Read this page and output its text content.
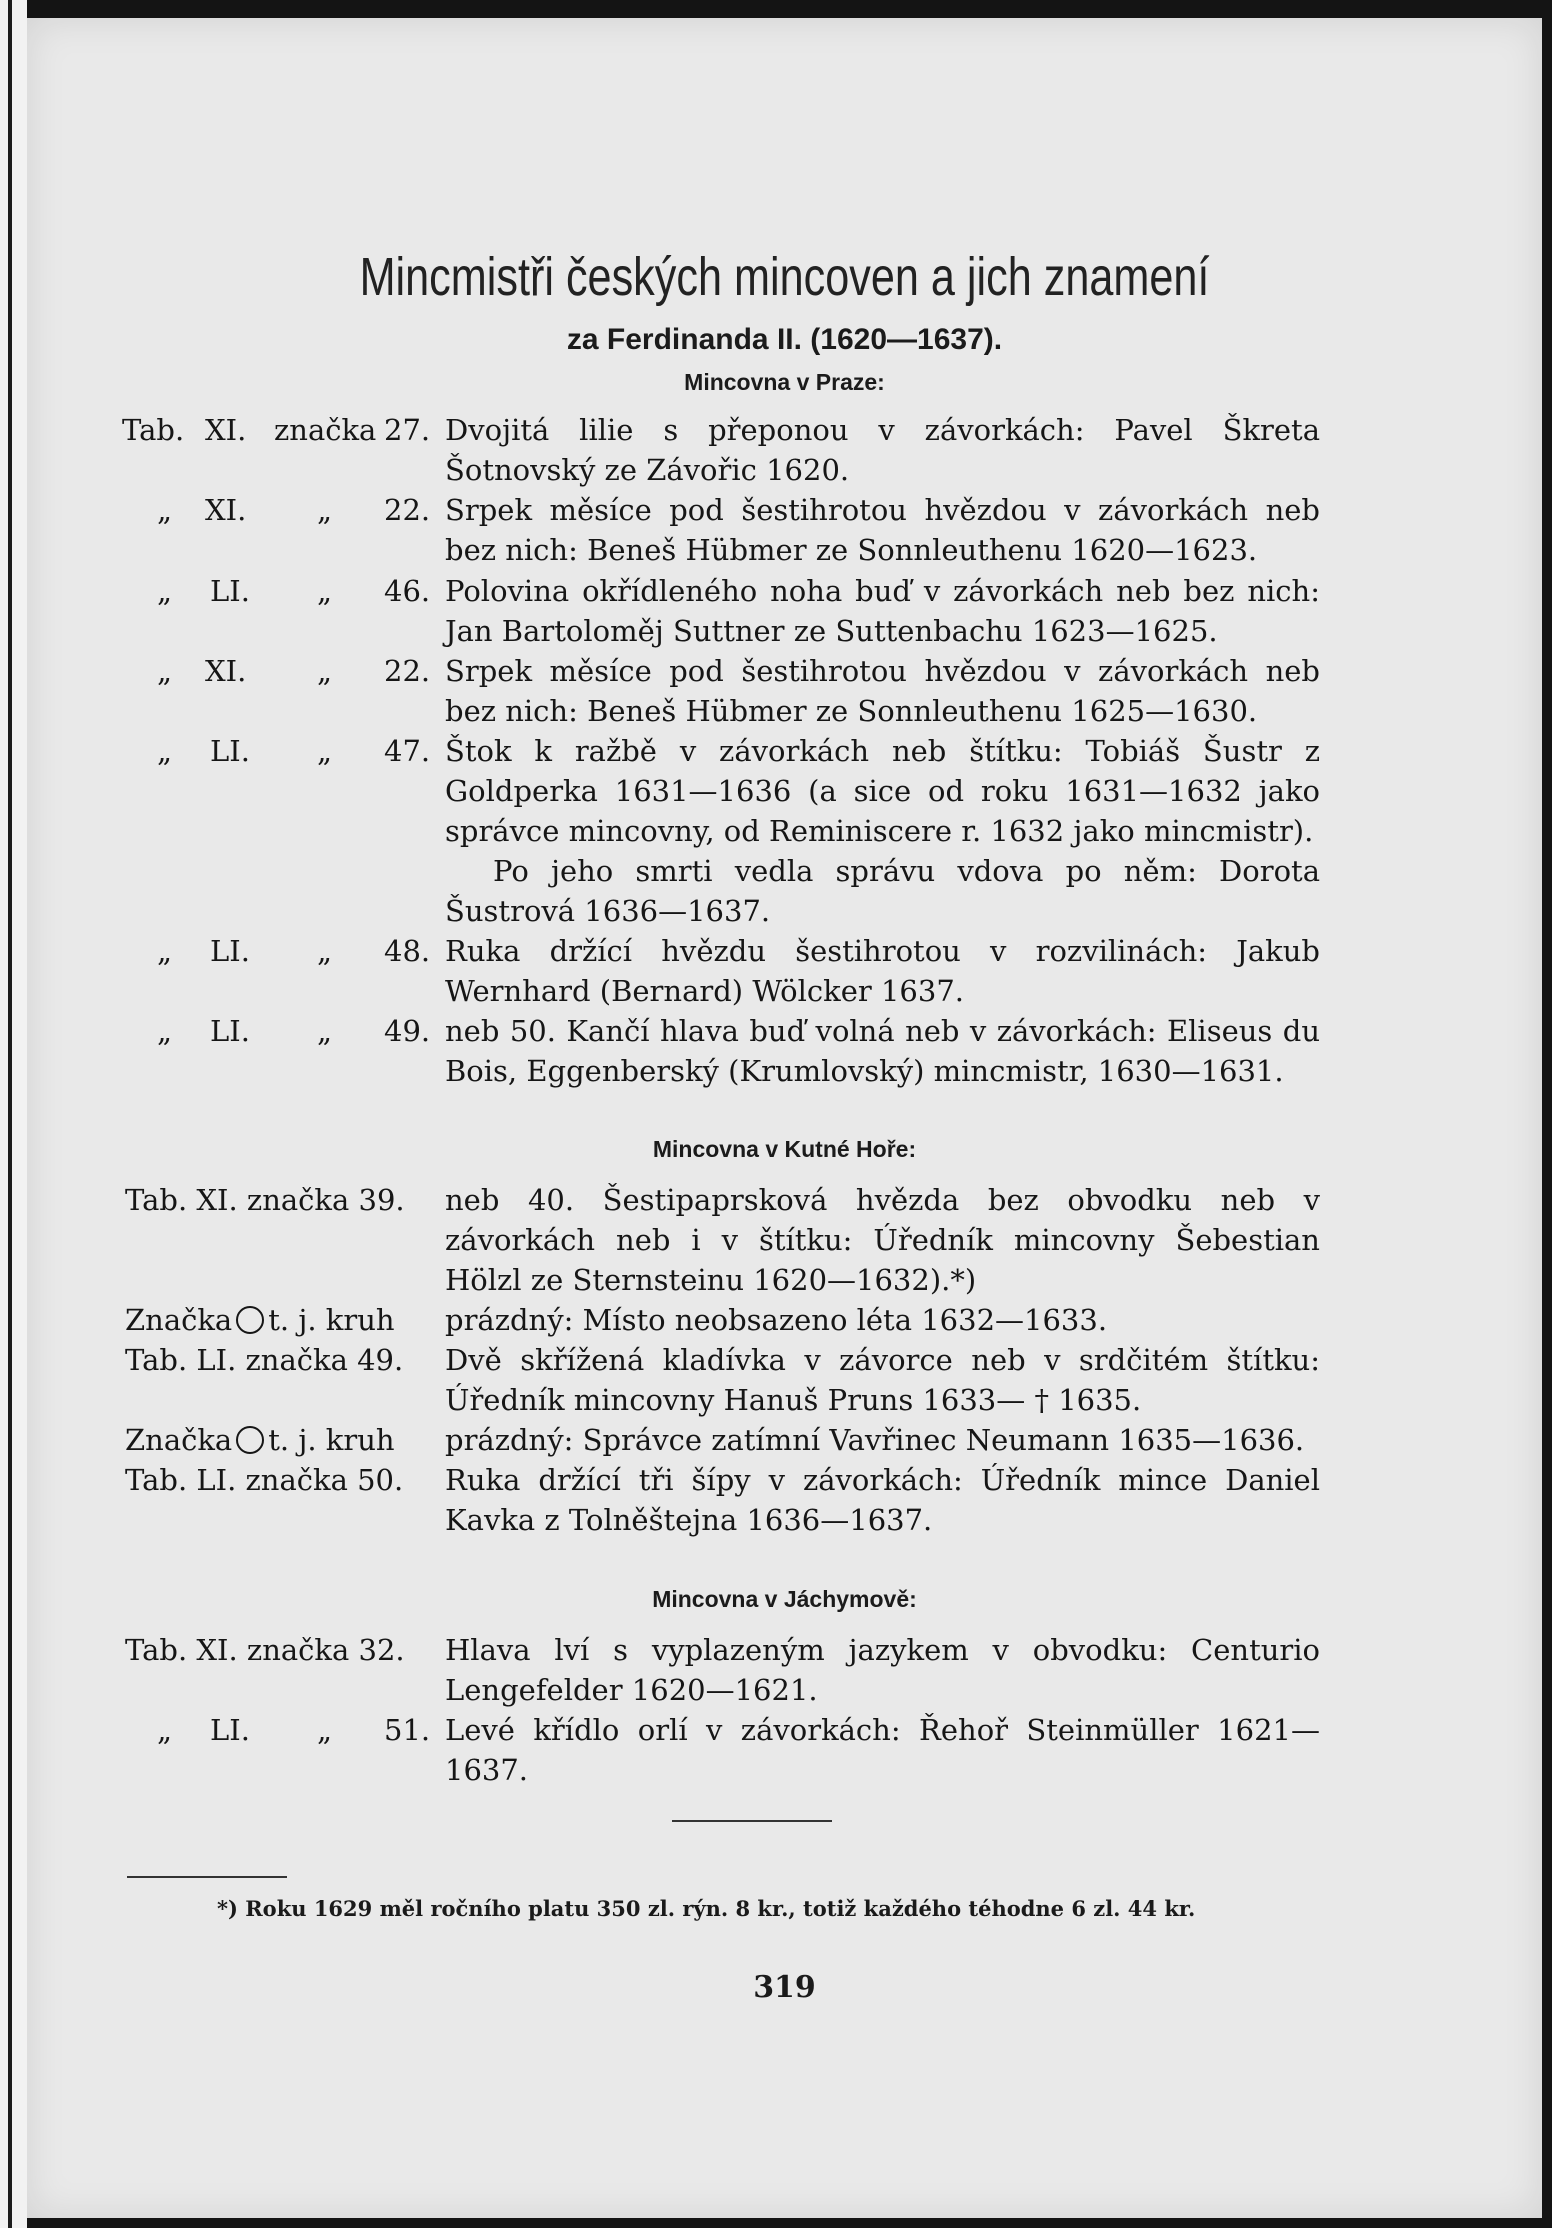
Mincmistři českých mincoven a jich znamení
za Ferdinanda II. (1620—1637).
Mincovna v Praze:
Tab. XI. značka 27. Dvojitá lilie s přeponou v závorkách: Pavel Škreta Šotnovský ze Závořic 1620.
„ XI. „ 22. Srpek měsíce pod šestihrotou hvězdou v závorkách neb bez nich: Beneš Hübmer ze Sonnleuthenu 1620—1623.
„ LI. „ 46. Polovina okřídleného noha buď v závorkách neb bez nich: Jan Bartoloměj Suttner ze Suttenbachu 1623—1625.
„ XI. „ 22. Srpek měsíce pod šestihrotou hvězdou v závorkách neb bez nich: Beneš Hübmer ze Sonnleuthenu 1625—1630.
„ LI. „ 47. Štok k ražbě v závorkách neb štítku: Tobiáš Šustr z Goldperka 1631—1636 (a sice od roku 1631—1632 jako správce mincovny, od Reminiscere r. 1632 jako mincmistr).
Po jeho smrti vedla správu vdova po něm: Dorota Šustrová 1636—1637.
„ LI. „ 48. Ruka držící hvězdu šestihrotou v rozvilinách: Jakub Wernhard (Bernard) Wölcker 1637.
„ LI. „ 49. neb 50. Kančí hlava buď volná neb v závorkách: Eliseus du Bois, Eggenberský (Krumlovský) mincmistr, 1630—1631.
Mincovna v Kutné Hoře:
Tab. XI. značka 39. neb 40. Šestipaprsková hvězda bez obvodku neb v závorkách neb i v štítku: Úředník mincovny Šebestian Hölzl ze Sternsteinu 1620—1632).*)
Značka t. j. kruh prázdný: Místo neobsazeno léta 1632—1633.
Tab. LI. značka 49. Dvě skřížená kladívka v závorce neb v srdčitém štítku: Úředník mincovny Hanuš Pruns 1633— † 1635.
Značka t. j. kruh prázdný: Správce zatímní Vavřinec Neumann 1635—1636.
Tab. LI. značka 50. Ruka držící tři šípy v závorkách: Úředník mince Daniel Kavka z Tolněštejna 1636—1637.
Mincovna v Jáchymově:
Tab. XI. značka 32. Hlava lví s vyplazeným jazykem v obvodku: Centurio Lengefelder 1620—1621.
„ LI. „ 51. Levé křídlo orlí v závorkách: Řehoř Steinmüller 1621—1637.
*) Roku 1629 měl ročního platu 350 zl. rýn. 8 kr., totiž každého téhodne 6 zl. 44 kr.
319
